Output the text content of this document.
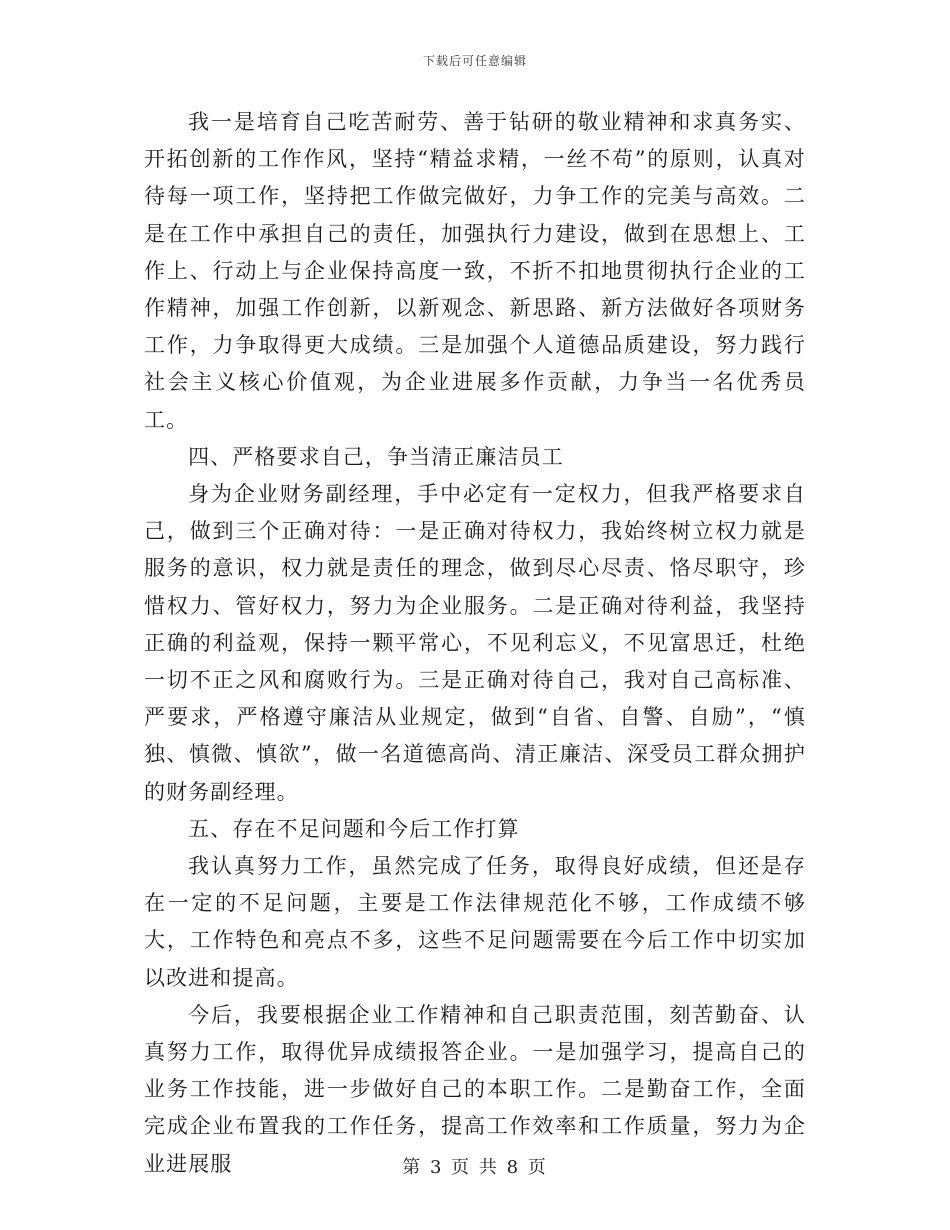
下载后可任意编辑

我一是培育自己吃苦耐劳、善于钻研的敬业精神和求真务实、开拓创新的工作作风，坚持“精益求精，一丝不苟”的原则，认真对待每一项工作，坚持把工作做完做好，力争工作的完美与高效。二是在工作中承担自己的责任，加强执行力建设，做到在思想上、工作上、行动上与企业保持高度一致，不折不扣地贯彻执行企业的工作精神，加强工作创新，以新观念、新思路、新方法做好各项财务工作，力争取得更大成绩。三是加强个人道德品质建设，努力践行社会主义核心价值观，为企业进展多作贡献，力争当一名优秀员工。

四、严格要求自己，争当清正廉洁员工

身为企业财务副经理，手中必定有一定权力，但我严格要求自己，做到三个正确对待：一是正确对待权力，我始终树立权力就是服务的意识，权力就是责任的理念，做到尽心尽责、恪尽职守，珍惜权力、管好权力，努力为企业服务。二是正确对待利益，我坚持正确的利益观，保持一颗平常心，不见利忘义，不见富思迁，杜绝一切不正之风和腐败行为。三是正确对待自己，我对自己高标准、严要求，严格遵守廉洁从业规定，做到“自省、自警、自励”，“慎独、慎微、慎欲”，做一名道德高尚、清正廉洁、深受员工群众拥护的财务副经理。

五、存在不足问题和今后工作打算

我认真努力工作，虽然完成了任务，取得良好成绩，但还是存在一定的不足问题，主要是工作法律规范化不够，工作成绩不够大，工作特色和亮点不多，这些不足问题需要在今后工作中切实加以改进和提高。

今后，我要根据企业工作精神和自己职责范围，刻苦勤奋、认真努力工作，取得优异成绩报答企业。一是加强学习，提高自己的业务工作技能，进一步做好自己的本职工作。二是勤奋工作，全面完成企业布置我的工作任务，提高工作效率和工作质量，努力为企业进展服	第 3 页 共 8 页
